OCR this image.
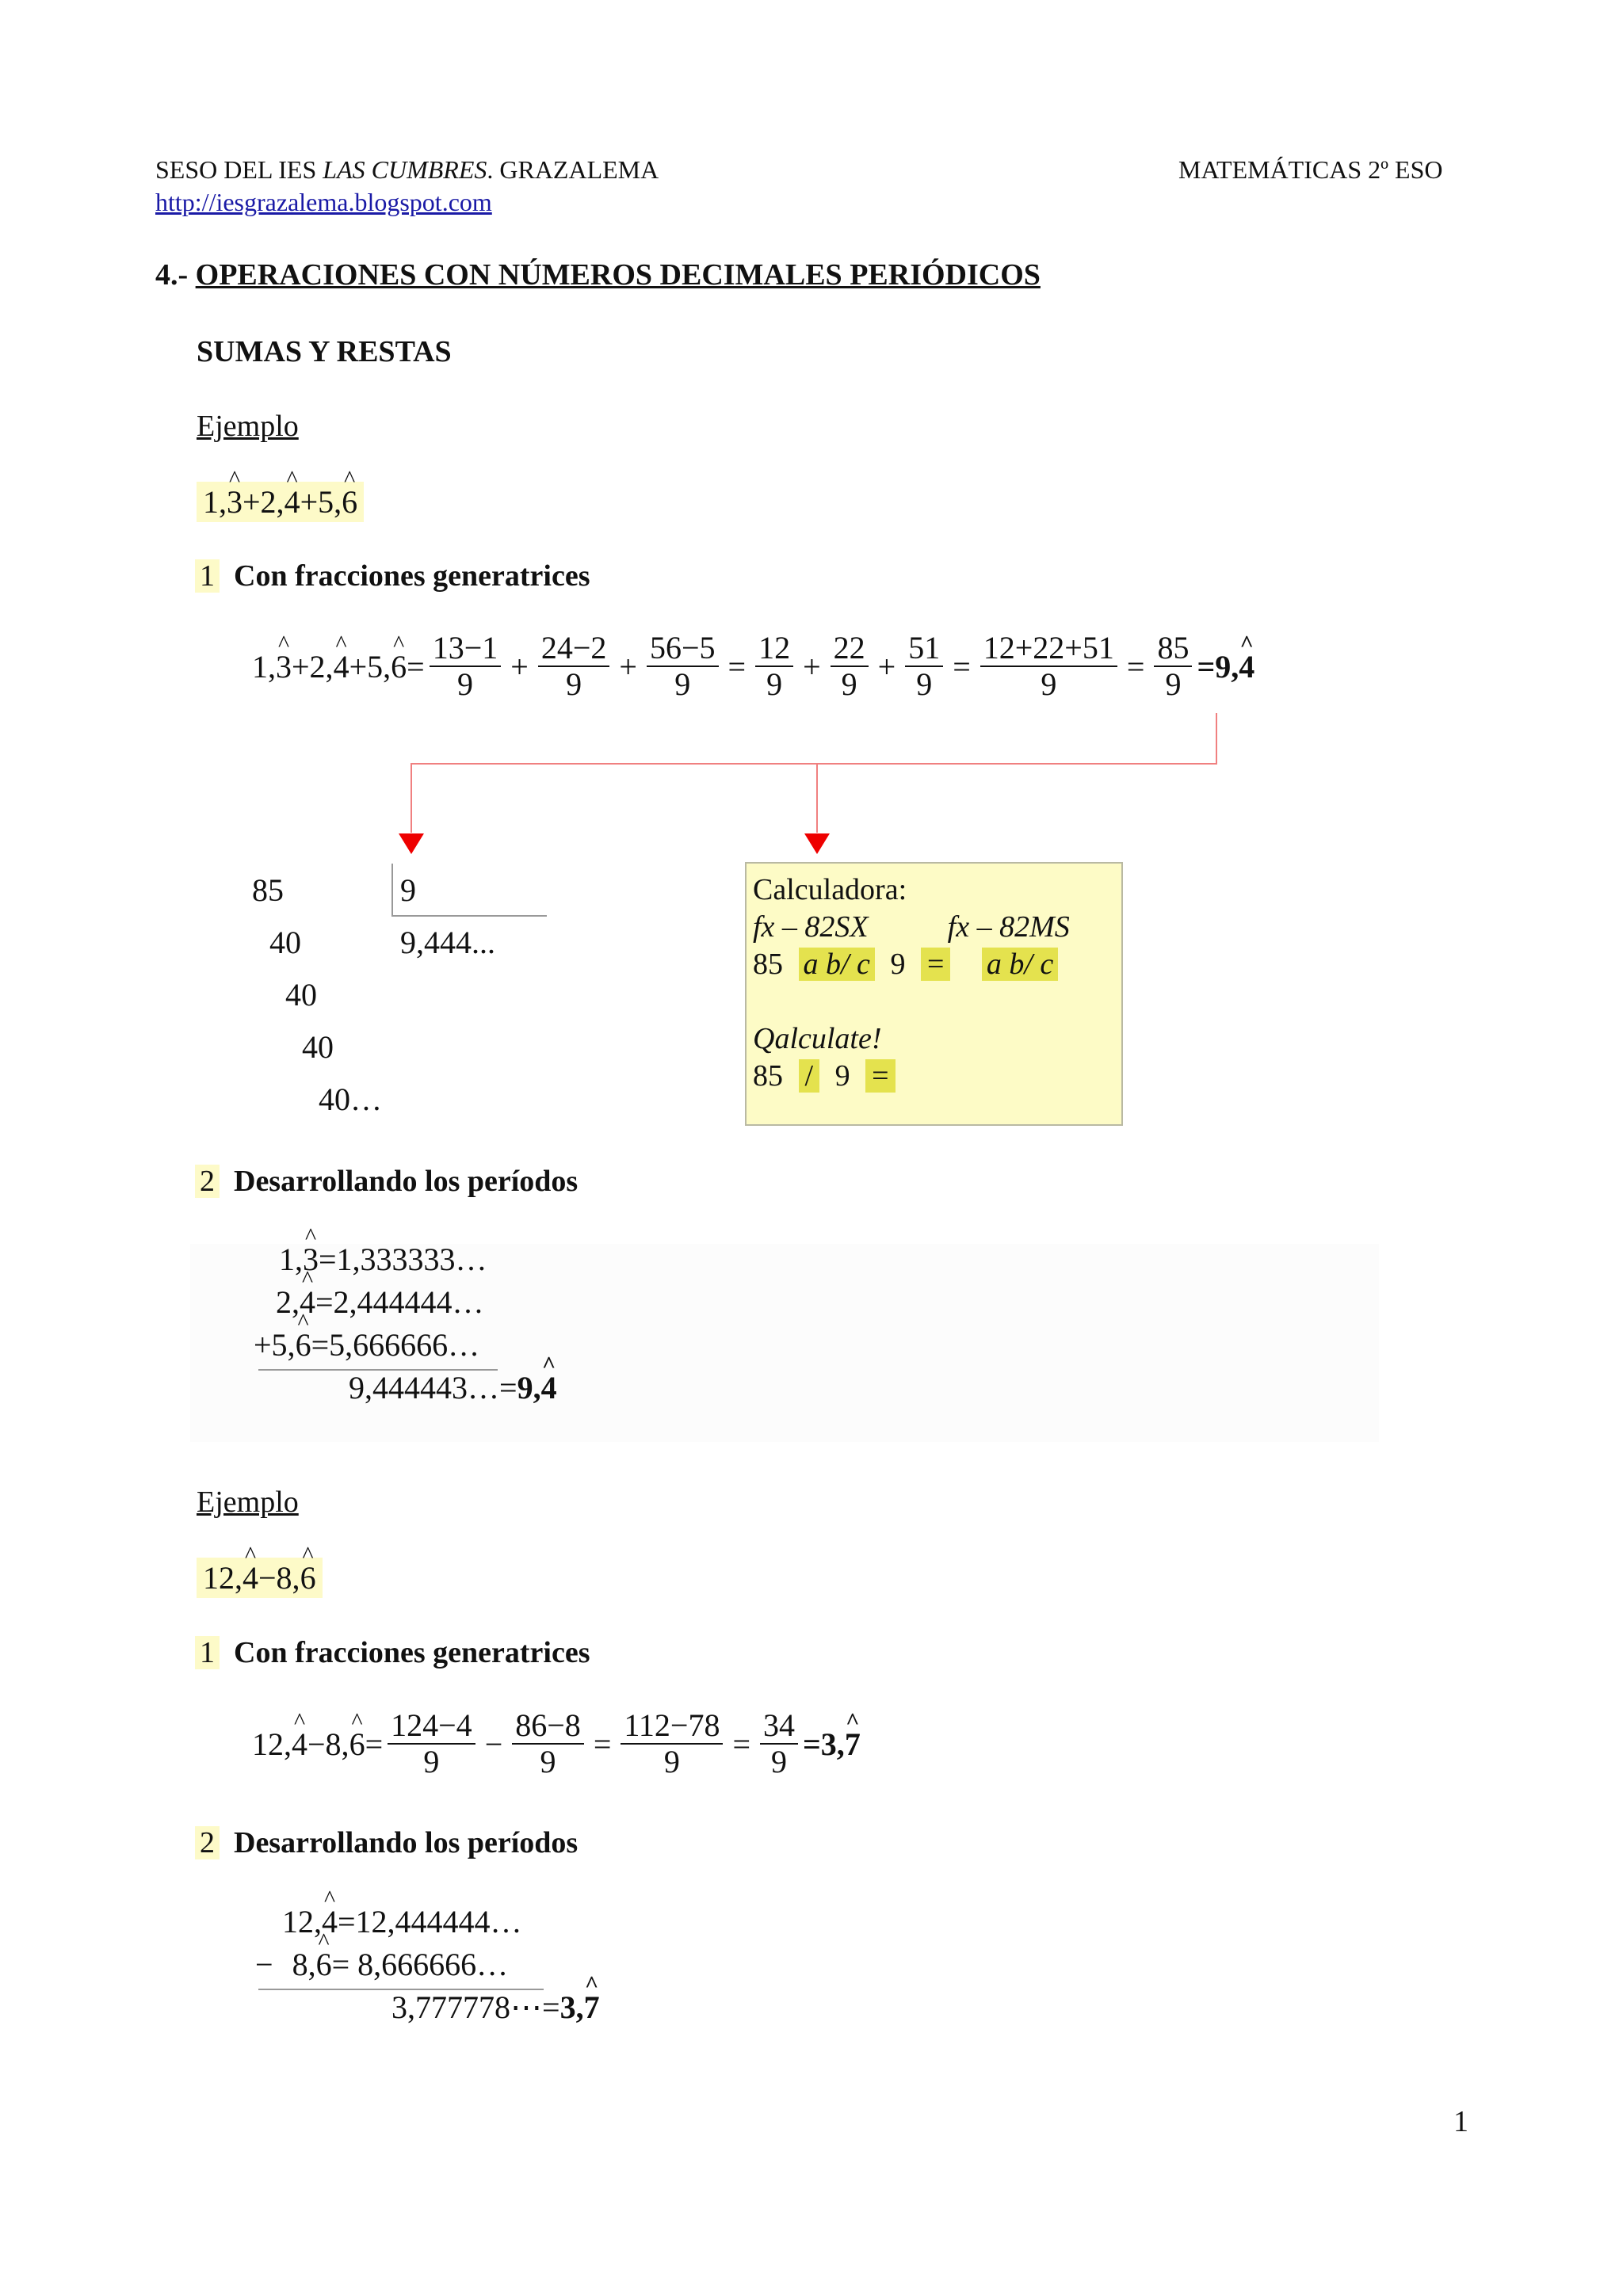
SESO DEL IES LAS CUMBRES. GRAZALEMA	MATEMÁTICAS 2º ESO
http://iesgrazalema.blogspot.com
4.- OPERACIONES CON NÚMEROS DECIMALES PERIÓDICOS
SUMAS Y RESTAS
Ejemplo
1,^ 3+2,^ 4+5,^ 6
1 Con fracciones generatrices
1, ^ 3 +2, ^ 4 +5, ^ $6 = \frac{13-1}{9} + \frac{24-2}{9} + \frac{56-5}{9} = \frac{12}{9} + \frac{22}{9} + \frac{51}{9} = \frac{12+22+51}{9} = \frac{85}{9} =9$, ^ 4
85	9
9,444...
40
40
40
40…
Calculadora:
fx – 82SX	fx – 82MS
85 a b/ c 9 = a b/ c

Qalculate!
85 / 9 =
2 Desarrollando los períodos
1,^ 3=1,333333…
2,^ 4=2,444444…
+5,^ 6=5,666666…
9,444443…=9,^ 4
Ejemplo
12,^ 4−8,^ 6
1 Con fracciones generatrices
12, ^ 4 −8, ^ $6 = \frac{124-4}{9} - \frac{86-8}{9} = \frac{112-78}{9} = \frac{34}{9} =3$, ^ 7
2 Desarrollando los períodos
12,^ 4=12,444444…
− 8,^ 6= 8,666666…
3,777778⋯=3,^ 7
1
